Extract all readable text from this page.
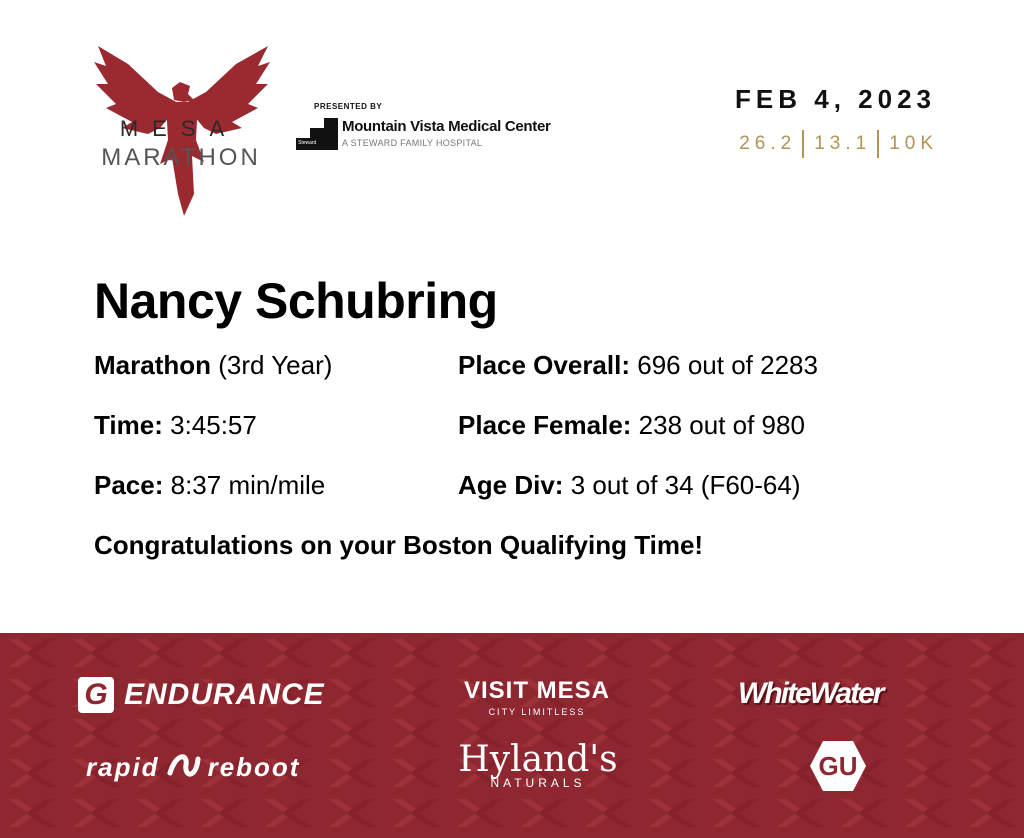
MESA
MARATHON
PRESENTED BY
Steward
Mountain Vista Medical Center
A STEWARD FAMILY HOSPITAL
FEB 4, 2023
26.2 13.1 10K
Nancy Schubring
Marathon (3rd Year)
Time: 3:45:57
Pace: 8:37 min/mile
Place Overall: 696 out of 2283
Place Female: 238 out of 980
Age Div: 3 out of 34 (F60-64)
Congratulations on your Boston Qualifying Time!
G ENDURANCE	VISIT MESA
CITY LIMITLESS
WhiteWater
rapid reboot	Hyland's
NATURALS
GU
